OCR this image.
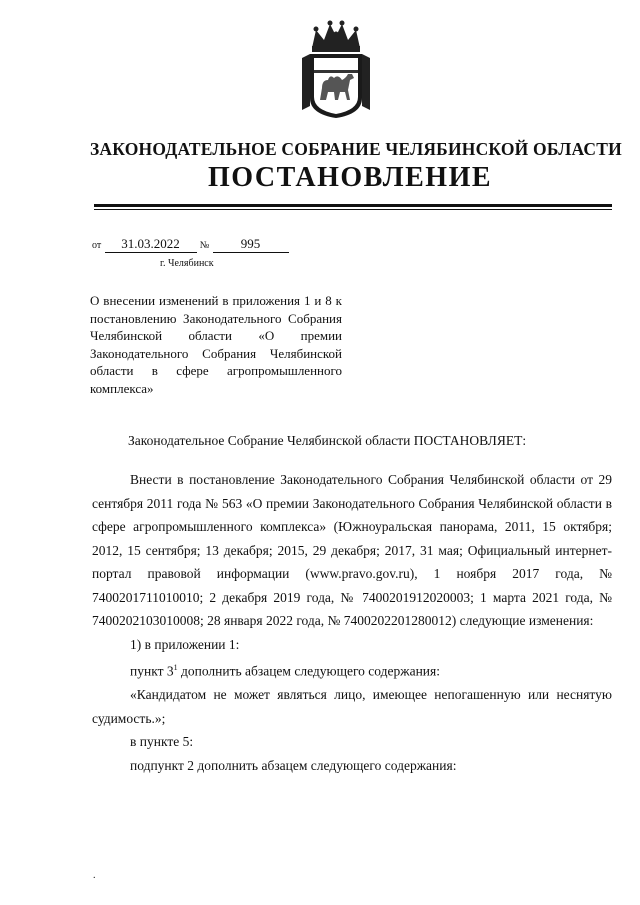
ЗАКОНОДАТЕЛЬНОЕ СОБРАНИЕ ЧЕЛЯБИНСКОЙ ОБЛАСТИ
ПОСТАНОВЛЕНИЕ
от 31.03.2022 № 995
г. Челябинск
О внесении изменений в приложения 1 и 8 к постановлению Законодательного Собрания Челябинской области «О премии Законодательного Собрания Челябинской области в сфере агропромышленного комплекса»
Законодательное Собрание Челябинской области ПОСТАНОВЛЯЕТ:

Внести в постановление Законодательного Собрания Челябинской области от 29 сентября 2011 года № 563 «О премии Законодательного Собрания Челябинской области в сфере агропромышленного комплекса» (Южноуральская панорама, 2011, 15 октября; 2012, 15 сентября; 13 декабря; 2015, 29 декабря; 2017, 31 мая; Официальный интернет-портал правовой информации (www.pravo.gov.ru), 1 ноября 2017 года, № 7400201711010010; 2 декабря 2019 года, № 7400201912020003; 1 марта 2021 года, № 7400202103010008; 28 января 2022 года, № 7400202201280012) следующие изменения:

1) в приложении 1:

пункт $3^1$ дополнить абзацем следующего содержания:

«Кандидатом не может являться лицо, имеющее непогашенную или неснятую судимость.»;

в пункте 5:

подпункт 2 дополнить абзацем следующего содержания:

.
